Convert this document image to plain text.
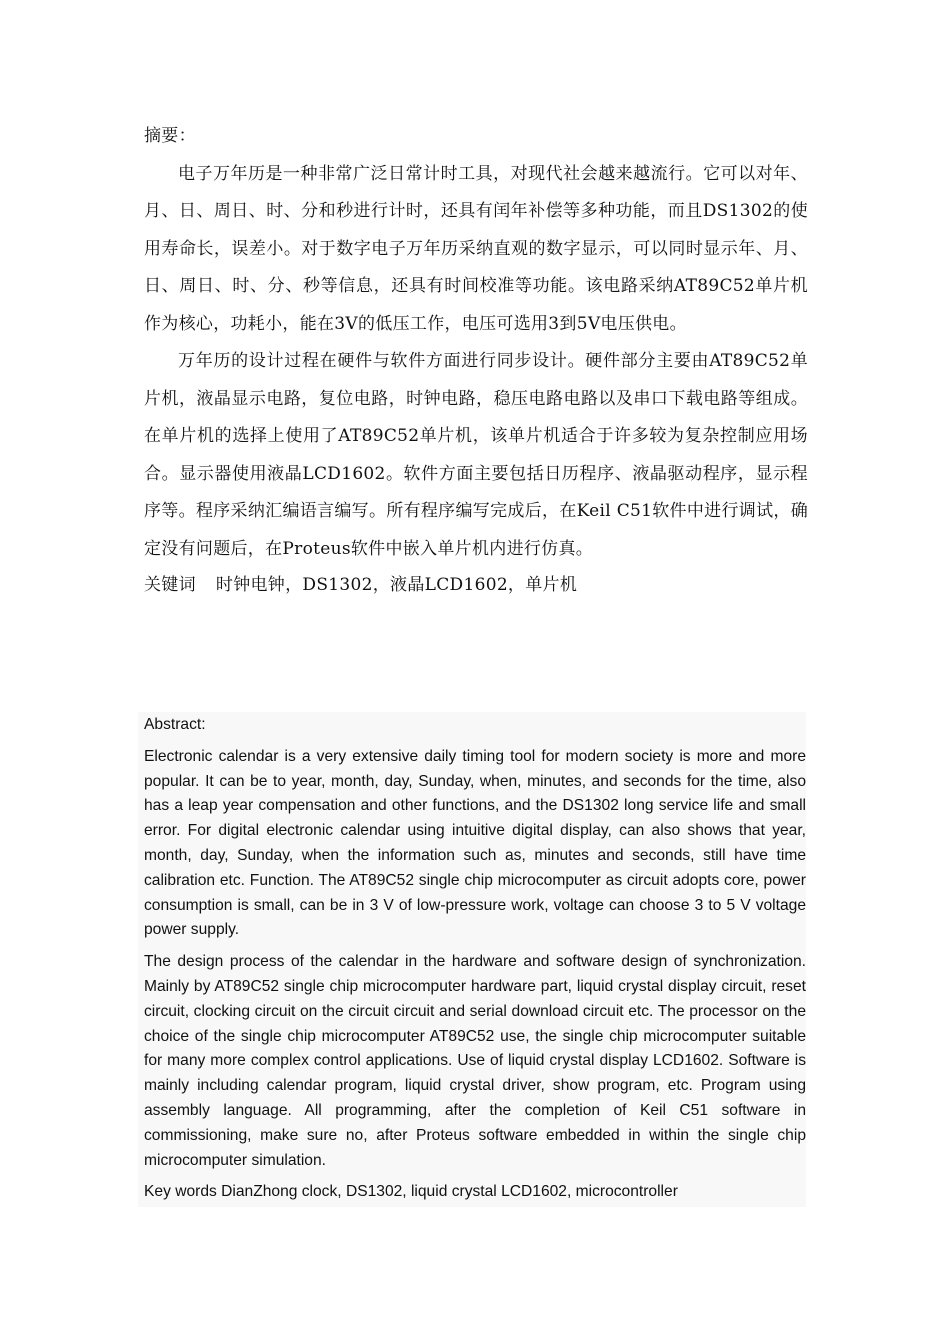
摘要：

电子万年历是一种非常广泛日常计时工具，对现代社会越来越流行。它可以对年、月、日、周日、时、分和秒进行计时，还具有闰年补偿等多种功能，而且DS1302的使用寿命长，误差小。对于数字电子万年历采纳直观的数字显示，可以同时显示年、月、日、周日、时、分、秒等信息，还具有时间校准等功能。该电路采纳AT89C52单片机作为核心，功耗小，能在3V的低压工作，电压可选用3到5V电压供电。

万年历的设计过程在硬件与软件方面进行同步设计。硬件部分主要由AT89C52单片机，液晶显示电路，复位电路，时钟电路，稳压电路电路以及串口下载电路等组成。在单片机的选择上使用了AT89C52单片机，该单片机适合于许多较为复杂控制应用场合。显示器使用液晶LCD1602。软件方面主要包括日历程序、液晶驱动程序，显示程序等。程序采纳汇编语言编写。所有程序编写完成后，在Keil C51软件中进行调试，确定没有问题后，在Proteus软件中嵌入单片机内进行仿真。

关键词 时钟电钟，DS1302，液晶LCD1602，单片机

Abstract:

Electronic calendar is a very extensive daily timing tool for modern society is more and more popular. It can be to year, month, day, Sunday, when, minutes, and seconds for the time, also has a leap year compensation and other functions, and the DS1302 long service life and small error. For digital electronic calendar using intuitive digital display, can also shows that year, month, day, Sunday, when the information such as, minutes and seconds, still have time calibration etc. Function. The AT89C52 single chip microcomputer as circuit adopts core, power consumption is small, can be in 3 V of low-pressure work, voltage can choose 3 to 5 V voltage power supply.

The design process of the calendar in the hardware and software design of synchronization. Mainly by AT89C52 single chip microcomputer hardware part, liquid crystal display circuit, reset circuit, clocking circuit on the circuit circuit and serial download circuit etc. The processor on the choice of the single chip microcomputer AT89C52 use, the single chip microcomputer suitable for many more complex control applications. Use of liquid crystal display LCD1602. Software is mainly including calendar program, liquid crystal driver, show program, etc. Program using assembly language. All programming, after the completion of Keil C51 software in commissioning, make sure no, after Proteus software embedded in within the single chip microcomputer simulation.

Key words DianZhong clock, DS1302, liquid crystal LCD1602, microcontroller
